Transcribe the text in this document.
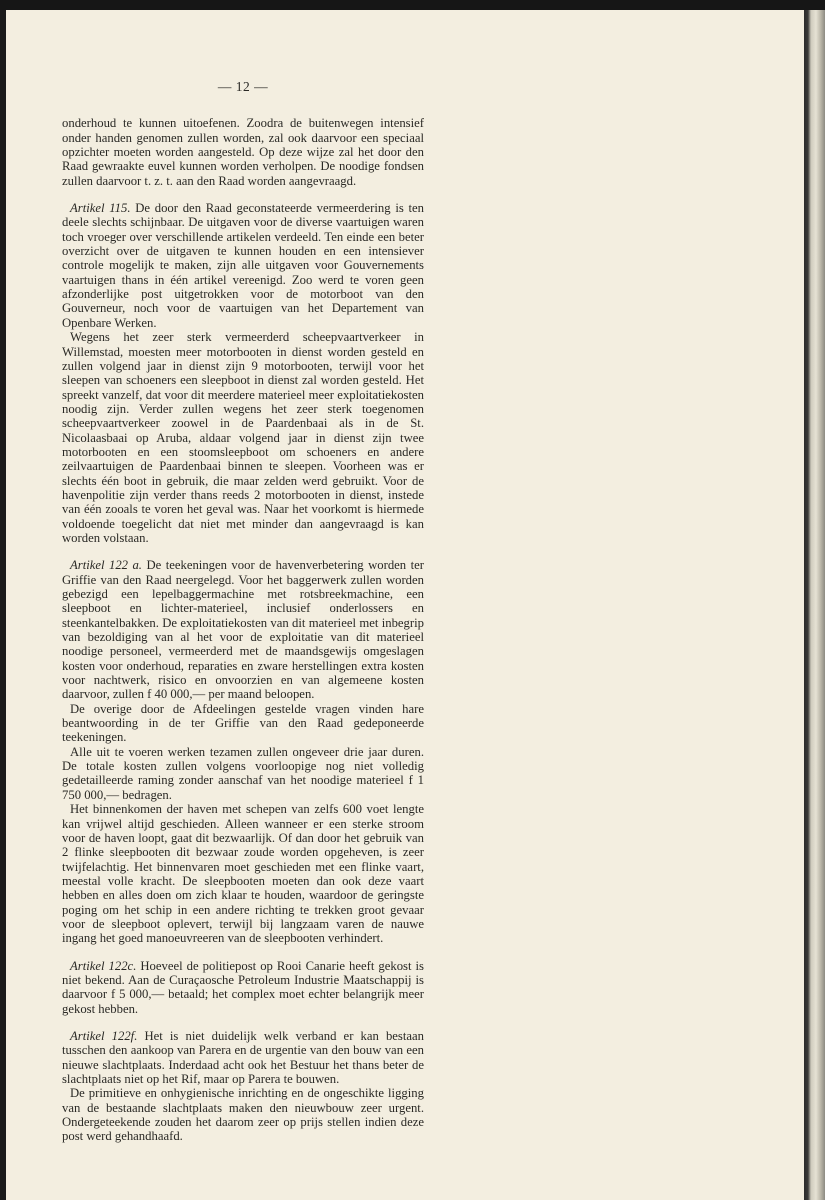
— 12 —

onderhoud te kunnen uitoefenen. Zoodra de buitenwegen intensief onder handen genomen zullen worden, zal ook daarvoor een speciaal opzichter moeten worden aangesteld. Op deze wijze zal het door den Raad gewraakte euvel kunnen worden verholpen. De noodige fondsen zullen daarvoor t. z. t. aan den Raad worden aangevraagd.

Artikel 115. De door den Raad geconstateerde vermeerdering is ten deele slechts schijnbaar. De uitgaven voor de diverse vaartuigen waren toch vroeger over verschillende artikelen verdeeld. Ten einde een beter overzicht over de uitgaven te kunnen houden en een intensiever controle mogelijk te maken, zijn alle uitgaven voor Gouvernements vaartuigen thans in één artikel vereenigd. Zoo werd te voren geen afzonderlijke post uitgetrokken voor de motorboot van den Gouverneur, noch voor de vaartuigen van het Departement van Openbare Werken.

Wegens het zeer sterk vermeerderd scheepvaartverkeer in Willemstad, moesten meer motorbooten in dienst worden gesteld en zullen volgend jaar in dienst zijn 9 motorbooten, terwijl voor het sleepen van schoeners een sleepboot in dienst zal worden gesteld. Het spreekt vanzelf, dat voor dit meerdere materieel meer exploitatiekosten noodig zijn. Verder zullen wegens het zeer sterk toegenomen scheepvaartverkeer zoowel in de Paardenbaai als in de St. Nicolaasbaai op Aruba, aldaar volgend jaar in dienst zijn twee motorbooten en een stoomsleepboot om schoeners en andere zeilvaartuigen de Paardenbaai binnen te sleepen. Voorheen was er slechts één boot in gebruik, die maar zelden werd gebruikt. Voor de havenpolitie zijn verder thans reeds 2 motorbooten in dienst, instede van één zooals te voren het geval was. Naar het voorkomt is hiermede voldoende toegelicht dat niet met minder dan aangevraagd is kan worden volstaan.

Artikel 122 a. De teekeningen voor de havenverbetering worden ter Griffie van den Raad neergelegd. Voor het baggerwerk zullen worden gebezigd een lepelbaggermachine met rotsbreekmachine, een sleepboot en lichter-materieel, inclusief onderlossers en steenkantelbakken. De exploitatiekosten van dit materieel met inbegrip van bezoldiging van al het voor de exploitatie van dit materieel noodige personeel, vermeerderd met de maandsgewijs omgeslagen kosten voor onderhoud, reparaties en zware herstellingen extra kosten voor nachtwerk, risico en onvoorzien en van algemeene kosten daarvoor, zullen f 40 000,— per maand beloopen.

De overige door de Afdeelingen gestelde vragen vinden hare beantwoording in de ter Griffie van den Raad gedeponeerde teekeningen.

Alle uit te voeren werken tezamen zullen ongeveer drie jaar duren. De totale kosten zullen volgens voorloopige nog niet volledig gedetailleerde raming zonder aanschaf van het noodige materieel f 1 750 000,— bedragen.

Het binnenkomen der haven met schepen van zelfs 600 voet lengte kan vrijwel altijd geschieden. Alleen wanneer er een sterke stroom voor de haven loopt, gaat dit bezwaarlijk. Of dan door het gebruik van 2 flinke sleepbooten dit bezwaar zoude worden opgeheven, is zeer twijfelachtig. Het binnenvaren moet geschieden met een flinke vaart, meestal volle kracht. De sleepbooten moeten dan ook deze vaart hebben en alles doen om zich klaar te houden, waardoor de geringste poging om het schip in een andere richting te trekken groot gevaar voor de sleepboot oplevert, terwijl bij langzaam varen de nauwe ingang het goed manoeuvreeren van de sleepbooten verhindert.

Artikel 122c. Hoeveel de politiepost op Rooi Canarie heeft gekost is niet bekend. Aan de Curaçaosche Petroleum Industrie Maatschappij is daarvoor f 5 000,— betaald; het complex moet echter belangrijk meer gekost hebben.

Artikel 122f. Het is niet duidelijk welk verband er kan bestaan tusschen den aankoop van Parera en de urgentie van den bouw van een nieuwe slachtplaats. Inderdaad acht ook het Bestuur het thans beter de slachtplaats niet op het Rif, maar op Parera te bouwen.

De primitieve en onhygienische inrichting en de ongeschikte ligging van de bestaande slachtplaats maken den nieuwbouw zeer urgent. Ondergeteekende zouden het daarom zeer op prijs stellen indien deze post werd gehandhaafd.
